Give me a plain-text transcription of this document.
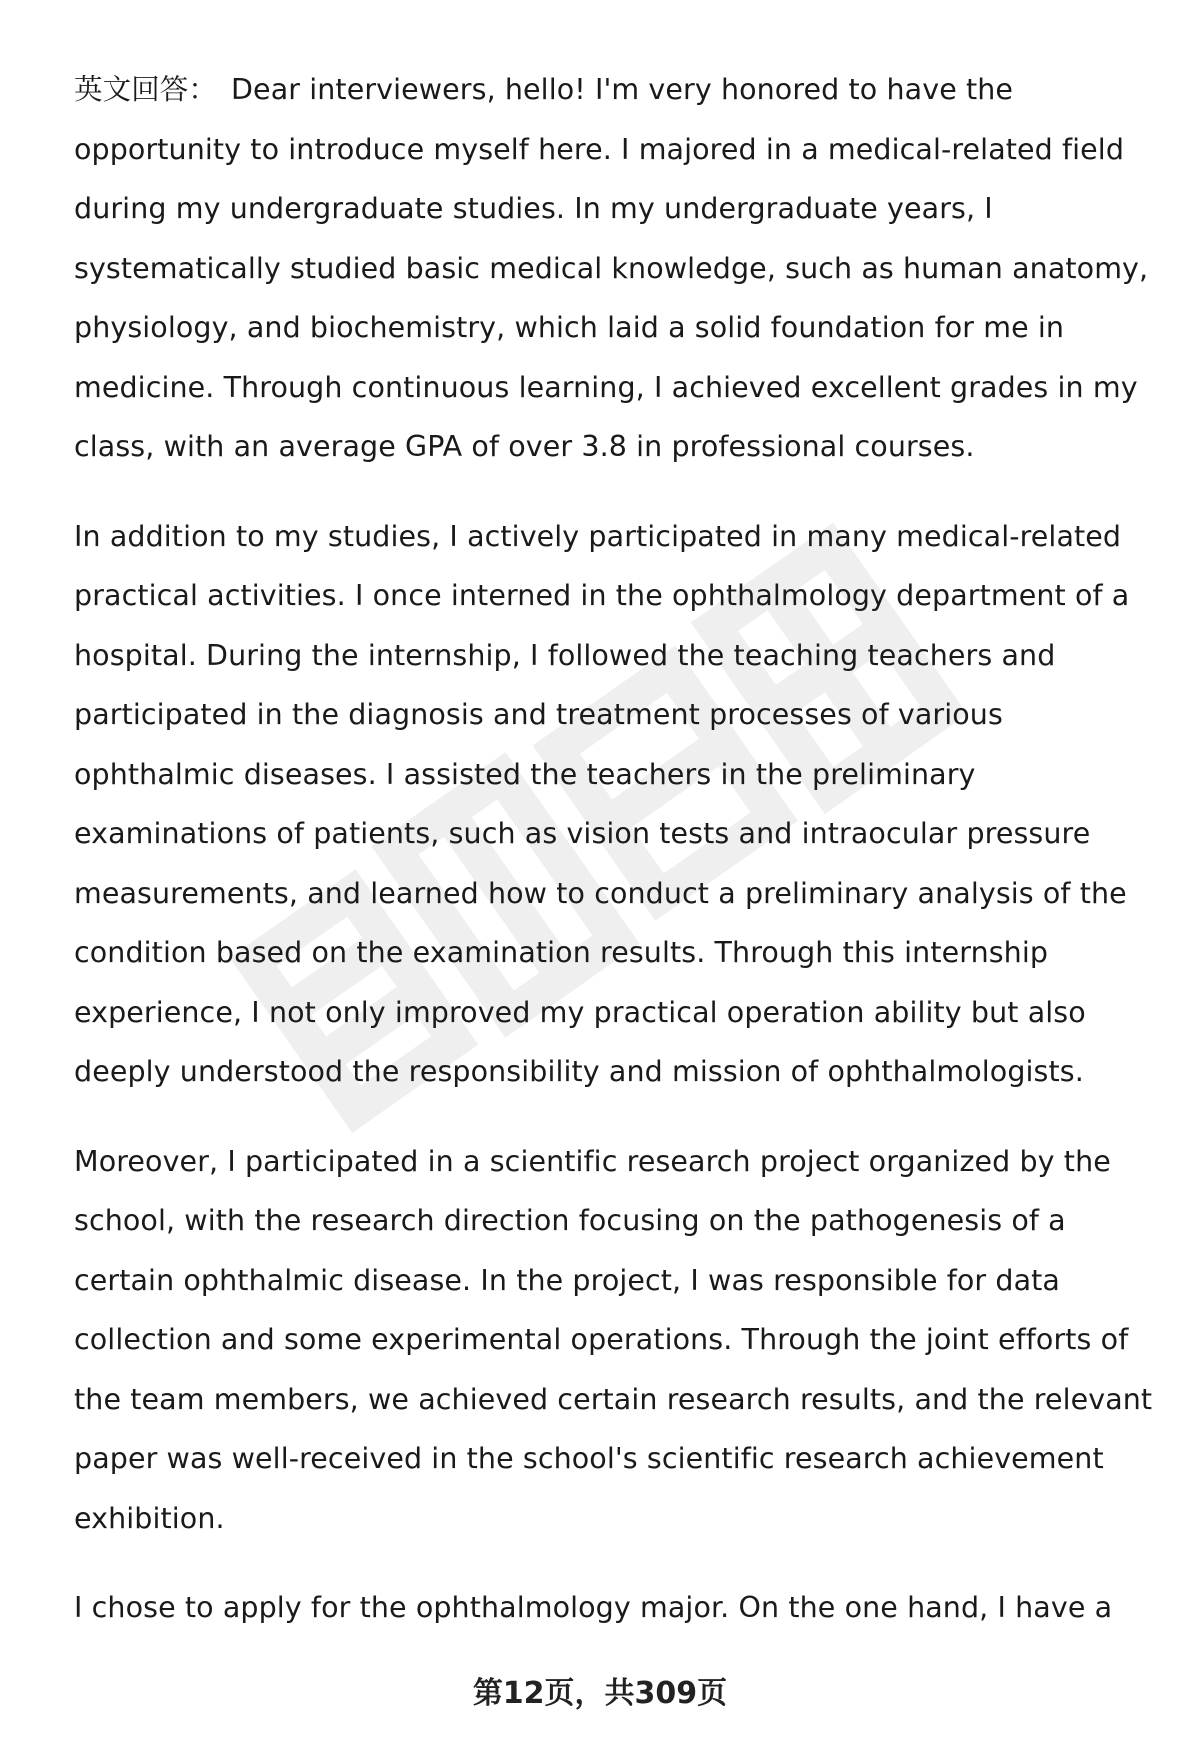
英文回答： Dear interviewers, hello! I'm very honored to have the opportunity to introduce myself here. I majored in a medical-related field during my undergraduate studies. In my undergraduate years, I systematically studied basic medical knowledge, such as human anatomy, physiology, and biochemistry, which laid a solid foundation for me in medicine. Through continuous learning, I achieved excellent grades in my class, with an average GPA of over 3.8 in professional courses.

In addition to my studies, I actively participated in many medical-related practical activities. I once interned in the ophthalmology department of a hospital. During the internship, I followed the teaching teachers and participated in the diagnosis and treatment processes of various ophthalmic diseases. I assisted the teachers in the preliminary examinations of patients, such as vision tests and intraocular pressure measurements, and learned how to conduct a preliminary analysis of the condition based on the examination results. Through this internship experience, I not only improved my practical operation ability but also deeply understood the responsibility and mission of ophthalmologists.

Moreover, I participated in a scientific research project organized by the school, with the research direction focusing on the pathogenesis of a certain ophthalmic disease. In the project, I was responsible for data collection and some experimental operations. Through the joint efforts of the team members, we achieved certain research results, and the relevant paper was well-received in the school's scientific research achievement exhibition.

I chose to apply for the ophthalmology major. On the one hand, I have a

第12页，共309页
